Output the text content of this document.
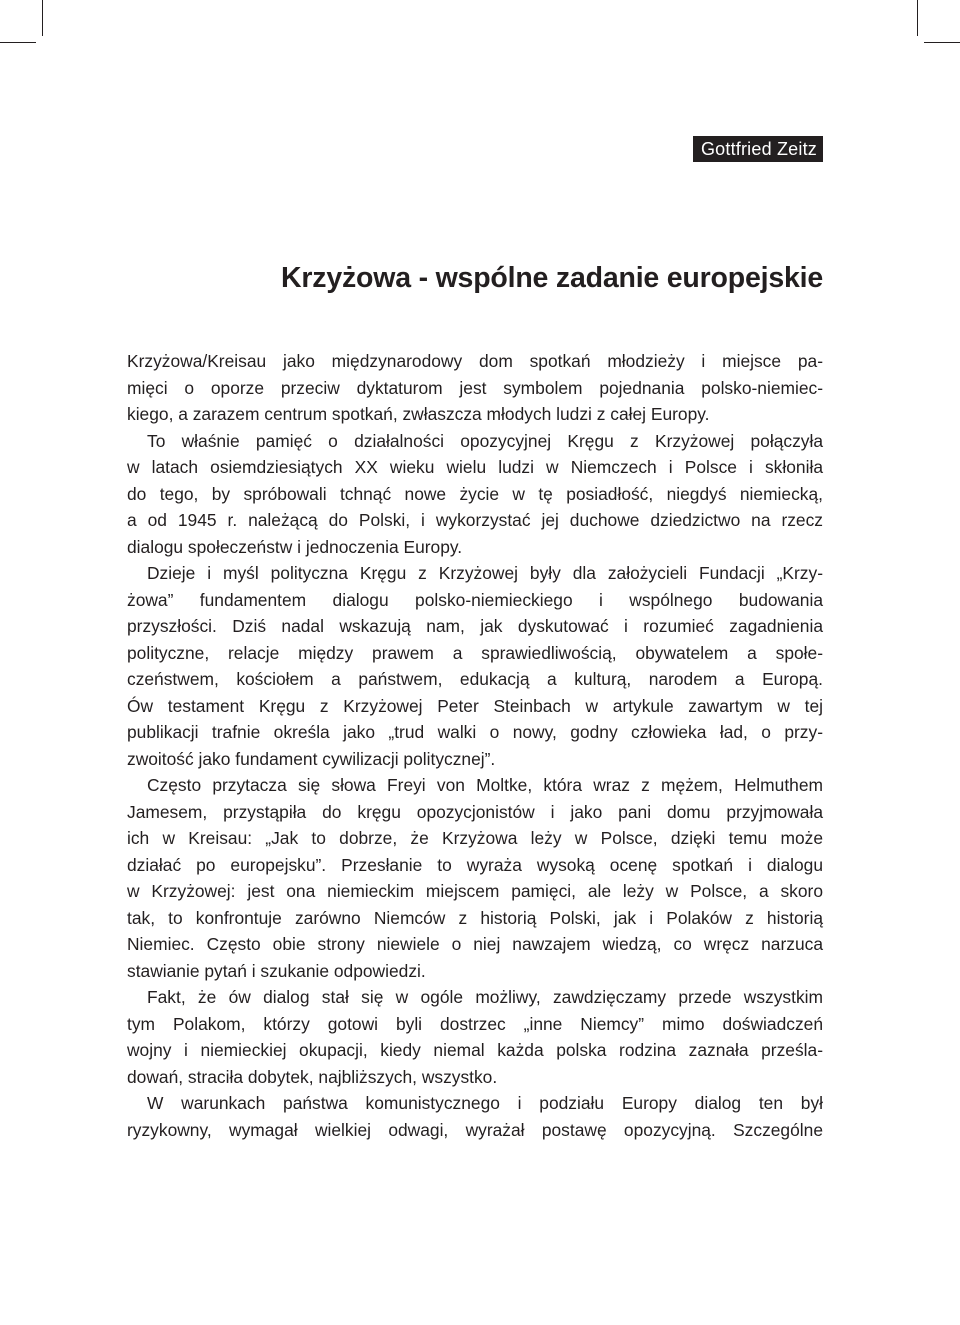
Gottfried Zeitz
Krzyżowa - wspólne zadanie europejskie
Krzyżowa/Kreisau jako międzynarodowy dom spotkań młodzieży i miejsce pa-
mięci o oporze przeciw dyktaturom jest symbolem pojednania polsko-niemiec-
kiego, a zarazem centrum spotkań, zwłaszcza młodych ludzi z całej Europy.
To właśnie pamięć o działalności opozycyjnej Kręgu z Krzyżowej połączyła
w latach osiemdziesiątych XX wieku wielu ludzi w Niemczech i Polsce i skłoniła
do tego, by spróbowali tchnąć nowe życie w tę posiadłość, niegdyś niemiecką,
a od 1945 r. należącą do Polski, i wykorzystać jej duchowe dziedzictwo na rzecz
dialogu społeczeństw i jednoczenia Europy.
Dzieje i myśl polityczna Kręgu z Krzyżowej były dla założycieli Fundacji „Krzy-
żowa” fundamentem dialogu polsko-niemieckiego i wspólnego budowania
przyszłości. Dziś nadal wskazują nam, jak dyskutować i rozumieć zagadnienia
polityczne, relacje między prawem a sprawiedliwością, obywatelem a społe-
czeństwem, kościołem a państwem, edukacją a kulturą, narodem a Europą.
Ów testament Kręgu z Krzyżowej Peter Steinbach w artykule zawartym w tej
publikacji trafnie określa jako „trud walki o nowy, godny człowieka ład, o przy-
zwoitość jako fundament cywilizacji politycznej”.
Często przytacza się słowa Freyi von Moltke, która wraz z mężem, Helmuthem
Jamesem, przystąpiła do kręgu opozycjonistów i jako pani domu przyjmowała
ich w Kreisau: „Jak to dobrze, że Krzyżowa leży w Polsce, dzięki temu może
działać po europejsku”. Przesłanie to wyraża wysoką ocenę spotkań i dialogu
w Krzyżowej: jest ona niemieckim miejscem pamięci, ale leży w Polsce, a skoro
tak, to konfrontuje zarówno Niemców z historią Polski, jak i Polaków z historią
Niemiec. Często obie strony niewiele o niej nawzajem wiedzą, co wręcz narzuca
stawianie pytań i szukanie odpowiedzi.
Fakt, że ów dialog stał się w ogóle możliwy, zawdzięczamy przede wszystkim
tym Polakom, którzy gotowi byli dostrzec „inne Niemcy” mimo doświadczeń
wojny i niemieckiej okupacji, kiedy niemal każda polska rodzina zaznała prześla-
dowań, straciła dobytek, najbliższych, wszystko.
W warunkach państwa komunistycznego i podziału Europy dialog ten był
ryzykowny, wymagał wielkiej odwagi, wyrażał postawę opozycyjną. Szczególne
